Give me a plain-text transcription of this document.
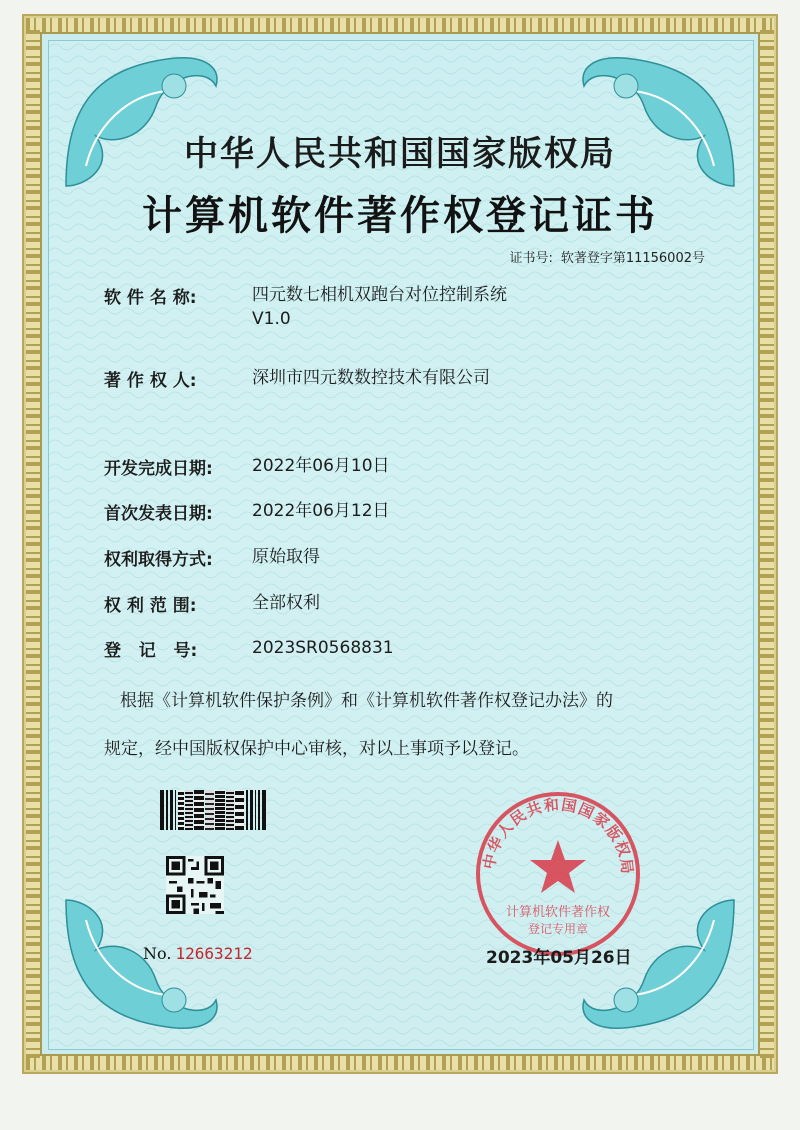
中华人民共和国国家版权局
计算机软件著作权登记证书
证书号: 软著登字第11156002号
软 件 名 称:	四元数七相机双跑台对位控制系统
V1.0
著 作 权 人:	深圳市四元数数控技术有限公司
开发完成日期: 2022年06月10日
首次发表日期: 2022年06月12日
权利取得方式: 原始取得
权 利 范 围:	全部权利
登   记   号:	2023SR0568831
根据《计算机软件保护条例》和《计算机软件著作权登记办法》的
规定，经中国版权保护中心审核，对以上事项予以登记。
No. 12663212
中华人民共和国国家版权局
计算机软件著作权
登记专用章
2023年05月26日
